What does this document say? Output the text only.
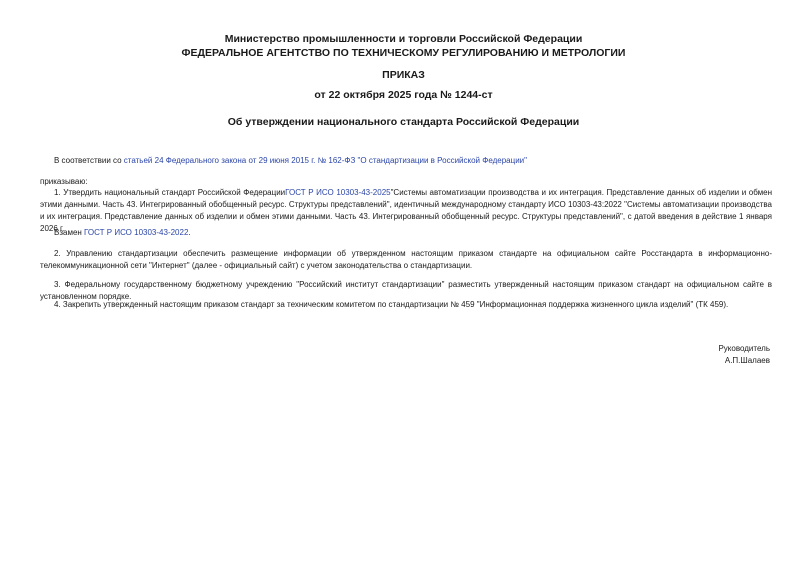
Министерство промышленности и торговли Российской Федерации
ФЕДЕРАЛЬНОЕ АГЕНТСТВО ПО ТЕХНИЧЕСКОМУ РЕГУЛИРОВАНИЮ И МЕТРОЛОГИИ
ПРИКАЗ
от 22 октября 2025 года № 1244-ст
Об утверждении национального стандарта Российской Федерации
В соответствии со статьей 24 Федерального закона от 29 июня 2015 г. № 162-ФЗ "О стандартизации в Российской Федерации"
приказываю:
1. Утвердить национальный стандарт Российской ФедерацииГОСТ Р ИСО 10303-43-2025"Системы автоматизации производства и их интеграция. Представление данных об изделии и обмен этими данными. Часть 43. Интегрированный обобщенный ресурс. Структуры представлений", идентичный международному стандарту ИСО 10303-43:2022 "Системы автоматизации производства и их интеграция. Представление данных об изделии и обмен этими данными. Часть 43. Интегрированный обобщенный ресурс. Структуры представлений", с датой введения в действие 1 января 2026 г.
Взамен ГОСТ Р ИСО 10303-43-2022.
2. Управлению стандартизации обеспечить размещение информации об утвержденном настоящим приказом стандарте на официальном сайте Росстандарта в информационно-телекоммуникационной сети "Интернет" (далее - официальный сайт) с учетом законодательства о стандартизации.
3. Федеральному государственному бюджетному учреждению "Российский институт стандартизации" разместить утвержденный настоящим приказом стандарт на официальном сайте в установленном порядке.
4. Закрепить утвержденный настоящим приказом стандарт за техническим комитетом по стандартизации № 459 "Информационная поддержка жизненного цикла изделий" (ТК 459).
Руководитель
А.П.Шалаев
